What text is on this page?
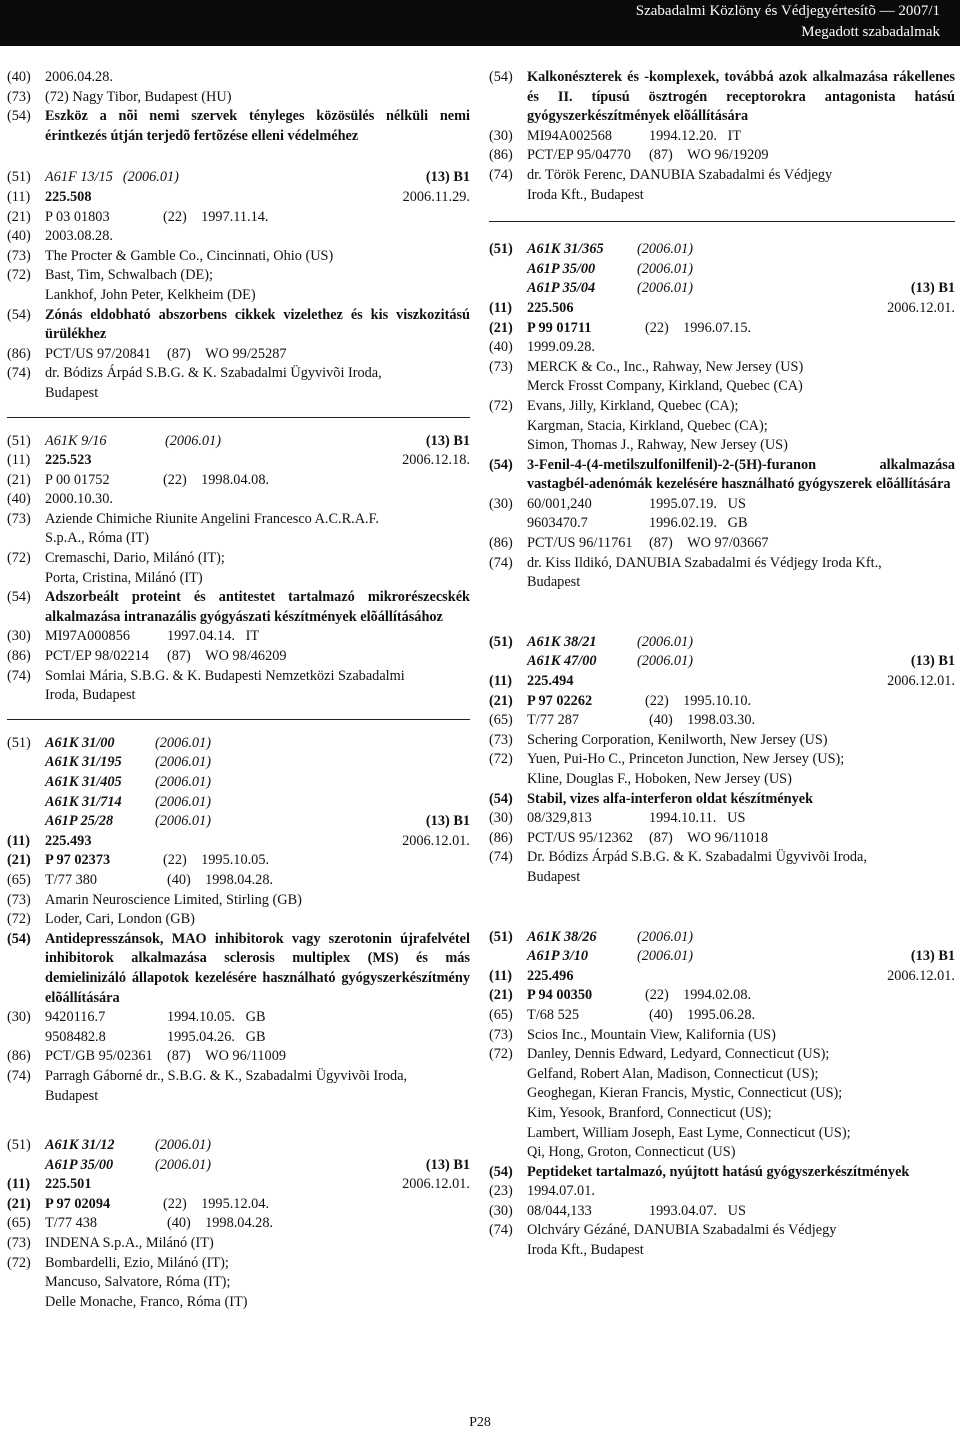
Szabadalmi Közlöny és Védjegyértesítõ — 2007/1
Megadott szabadalmak
(40) 2006.04.28.
(73) (72) Nagy Tibor, Budapest (HU)
(54) Eszköz a nõi nemi szervek tényleges közösülés nélküli nemi érintkezés útján terjedõ fertõzése elleni védelméhez
(51) A61F 13/15 (2006.01)	(13) B1
(11) 225.508	2006.11.29.
(21) P 03 01803	(22) 1997.11.14.
(40) 2003.08.28.
(73) The Procter & Gamble Co., Cincinnati, Ohio (US)
(72) Bast, Tim, Schwalbach (DE);
Lankhof, John Peter, Kelkheim (DE)
(54) Zónás eldobható abszorbens cikkek vizelethez és kis viszkozitású ürülékhez
(86) PCT/US 97/20841 (87) WO 99/25287
(74) dr. Bódizs Árpád S.B.G. & K. Szabadalmi Ügyvivõi Iroda,
Budapest
(51) A61K 9/16	(2006.01)	(13) B1
(11) 225.523	2006.12.18.
(21) P 00 01752	(22) 1998.04.08.
(40) 2000.10.30.
(73) Aziende Chimiche Riunite Angelini Francesco A.C.R.A.F.
S.p.A., Róma (IT)
(72) Cremaschi, Dario, Milánó (IT);
Porta, Cristina, Milánó (IT)
(54) Adszorbeált proteint és antitestet tartalmazó mikrorészecskék alkalmazása intranazális gyógyászati készítmények elõállításához
(30) MI97A000856	1997.04.14. IT
(86) PCT/EP 98/02214 (87) WO 98/46209
(74) Somlai Mária, S.B.G. & K. Budapesti Nemzetközi Szabadalmi
Iroda, Budapest
(51) A61K 31/00	(2006.01)
A61K 31/195 (2006.01)
A61K 31/405 (2006.01)
A61K 31/714 (2006.01)
A61P 25/28	(2006.01)	(13) B1
(11) 225.493	2006.12.01.
(21) P 97 02373	(22) 1995.10.05.
(65) T/77 380	(40) 1998.04.28.
(73) Amarin Neuroscience Limited, Stirling (GB)
(72) Loder, Cari, London (GB)
(54) Antidepresszánsok, MAO inhibitorok vagy szerotonin újrafelvétel inhibitorok alkalmazása sclerosis multiplex (MS) és más demielinizáló állapotok kezelésére használható gyógyszerkészítmény elõállítására
(30) 9420116.7	1994.10.05. GB
9508482.8	1995.04.26. GB
(86) PCT/GB 95/02361 (87) WO 96/11009
(74) Parragh Gáborné dr., S.B.G. & K., Szabadalmi Ügyvivõi Iroda,
Budapest
(51) A61K 31/12	(2006.01)
A61P 35/00	(2006.01)	(13) B1
(11) 225.501	2006.12.01.
(21) P 97 02094	(22) 1995.12.04.
(65) T/77 438	(40) 1998.04.28.
(73) INDENA S.p.A., Milánó (IT)
(72) Bombardelli, Ezio, Milánó (IT);
Mancuso, Salvatore, Róma (IT);
Delle Monache, Franco, Róma (IT)
(54) Kalkonészterek és -komplexek, továbbá azok alkalmazása rákellenes és II. típusú ösztrogén receptorokra antagonista hatású gyógyszerkészítmények elõállítására
(30) MI94A002568	1994.12.20. IT
(86) PCT/EP 95/04770 (87) WO 96/19209
(74) dr. Török Ferenc, DANUBIA Szabadalmi és Védjegy
Iroda Kft., Budapest
(51) A61K 31/365 (2006.01)
A61P 35/00	(2006.01)
A61P 35/04	(2006.01)	(13) B1
(11) 225.506	2006.12.01.
(21) P 99 01711	(22) 1996.07.15.
(40) 1999.09.28.
(73) MERCK & Co., Inc., Rahway, New Jersey (US)
Merck Frosst Company, Kirkland, Quebec (CA)
(72) Evans, Jilly, Kirkland, Quebec (CA);
Kargman, Stacia, Kirkland, Quebec (CA);
Simon, Thomas J., Rahway, New Jersey (US)
(54) 3-Fenil-4-(4-metilszulfonilfenil)-2-(5H)-furanon alkalmazása vastagbél-adenómák kezelésére használható gyógyszerek elõállítására
(30) 60/001,240	1995.07.19. US
9603470.7	1996.02.19. GB
(86) PCT/US 96/11761 (87) WO 97/03667
(74) dr. Kiss Ildikó, DANUBIA Szabadalmi és Védjegy Iroda Kft.,
Budapest
(51) A61K 38/21	(2006.01)
A61K 47/00	(2006.01)	(13) B1
(11) 225.494	2006.12.01.
(21) P 97 02262	(22) 1995.10.10.
(65) T/77 287	(40) 1998.03.30.
(73) Schering Corporation, Kenilworth, New Jersey (US)
(72) Yuen, Pui-Ho C., Princeton Junction, New Jersey (US);
Kline, Douglas F., Hoboken, New Jersey (US)
(54) Stabil, vizes alfa-interferon oldat készítmények
(30) 08/329,813	1994.10.11. US
(86) PCT/US 95/12362 (87) WO 96/11018
(74) Dr. Bódizs Árpád S.B.G. & K. Szabadalmi Ügyvivõi Iroda,
Budapest
(51) A61K 38/26	(2006.01)
A61P 3/10	(2006.01)	(13) B1
(11) 225.496	2006.12.01.
(21) P 94 00350	(22) 1994.02.08.
(65) T/68 525	(40) 1995.06.28.
(73) Scios Inc., Mountain View, Kalifornia (US)
(72) Danley, Dennis Edward, Ledyard, Connecticut (US);
Gelfand, Robert Alan, Madison, Connecticut (US);
Geoghegan, Kieran Francis, Mystic, Connecticut (US);
Kim, Yesook, Branford, Connecticut (US);
Lambert, William Joseph, East Lyme, Connecticut (US);
Qi, Hong, Groton, Connecticut (US)
(54) Peptideket tartalmazó, nyújtott hatású gyógyszerkészítmények
(23) 1994.07.01.
(30) 08/044,133	1993.04.07. US
(74) Olchváry Gézáné, DANUBIA Szabadalmi és Védjegy
Iroda Kft., Budapest
P28
